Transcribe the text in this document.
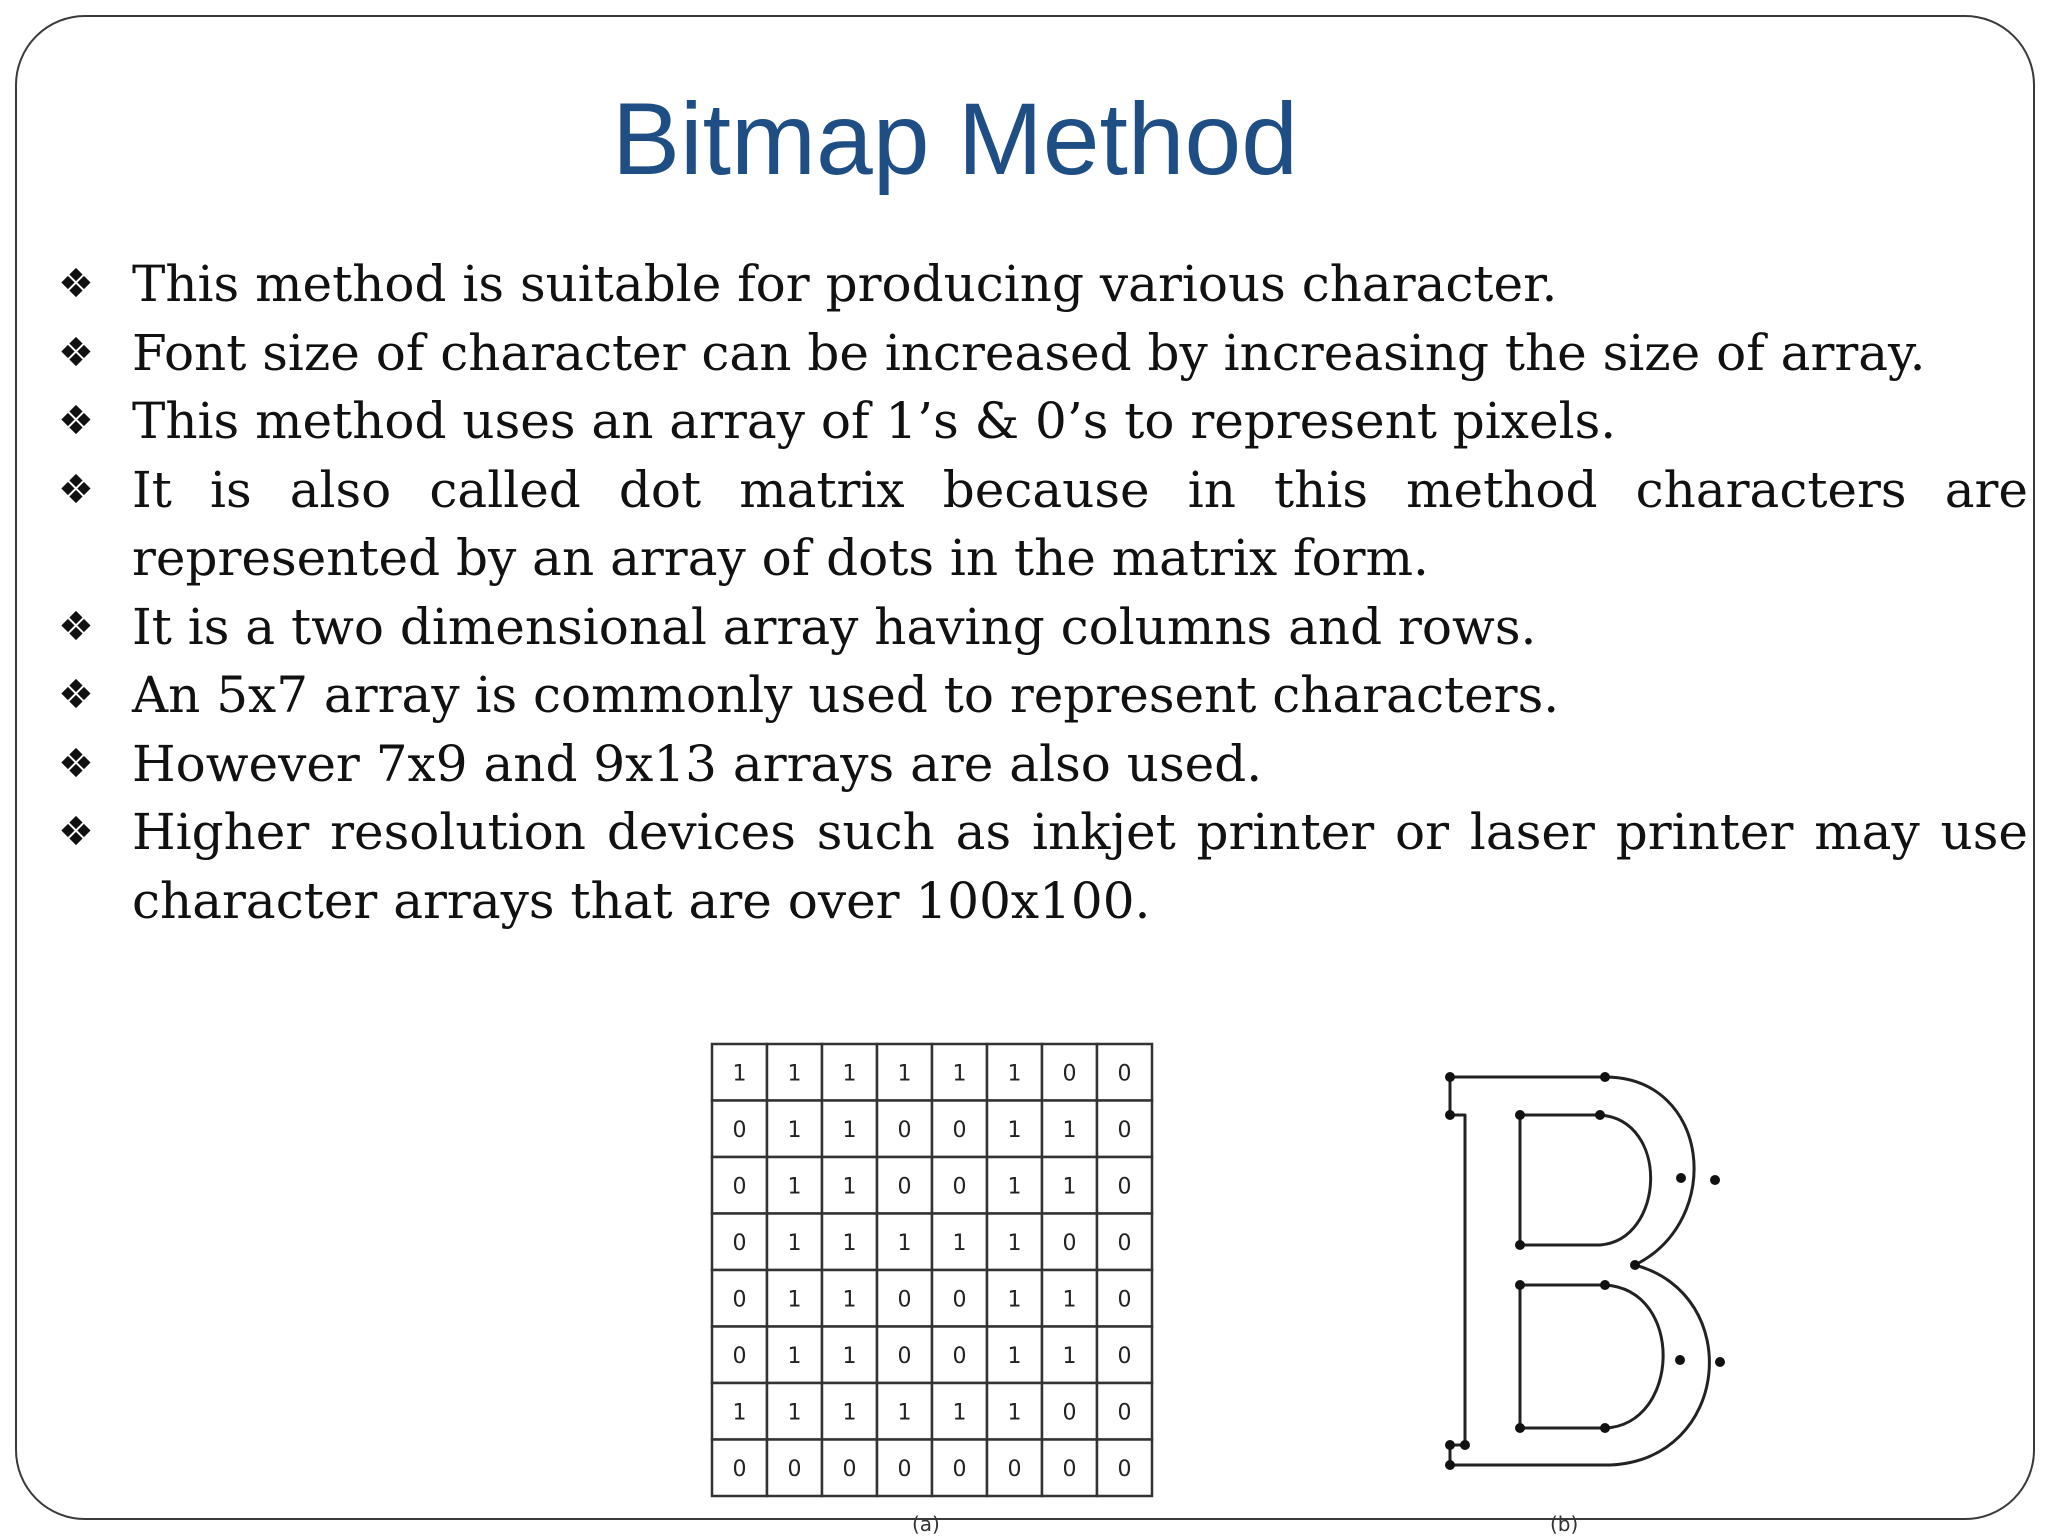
Bitmap Method
❖ This method is suitable for producing various character.
❖ Font size of character can be increased by increasing the size of array.
❖ This method uses an array of 1’s & 0’s to represent pixels.
❖ It is also called dot matrix because in this method characters are represented by an array of dots in the matrix form.
❖ It is a two dimensional array having columns and rows.
❖ An 5x7 array is commonly used to represent characters.
❖ However 7x9 and 9x13 arrays are also used.
❖ Higher resolution devices such as inkjet printer or laser printer may use character arrays that are over 100x100.
1 1 1 1 1 1 0 0
0 1 1 0 0 1 1 0
0 1 1 0 0 1 1 0
0 1 1 1 1 1 0 0
0 1 1 0 0 1 1 0
0 1 1 0 0 1 1 0
1 1 1 1 1 1 0 0
0 0 0 0 0 0 0 0
(a)	(b)
